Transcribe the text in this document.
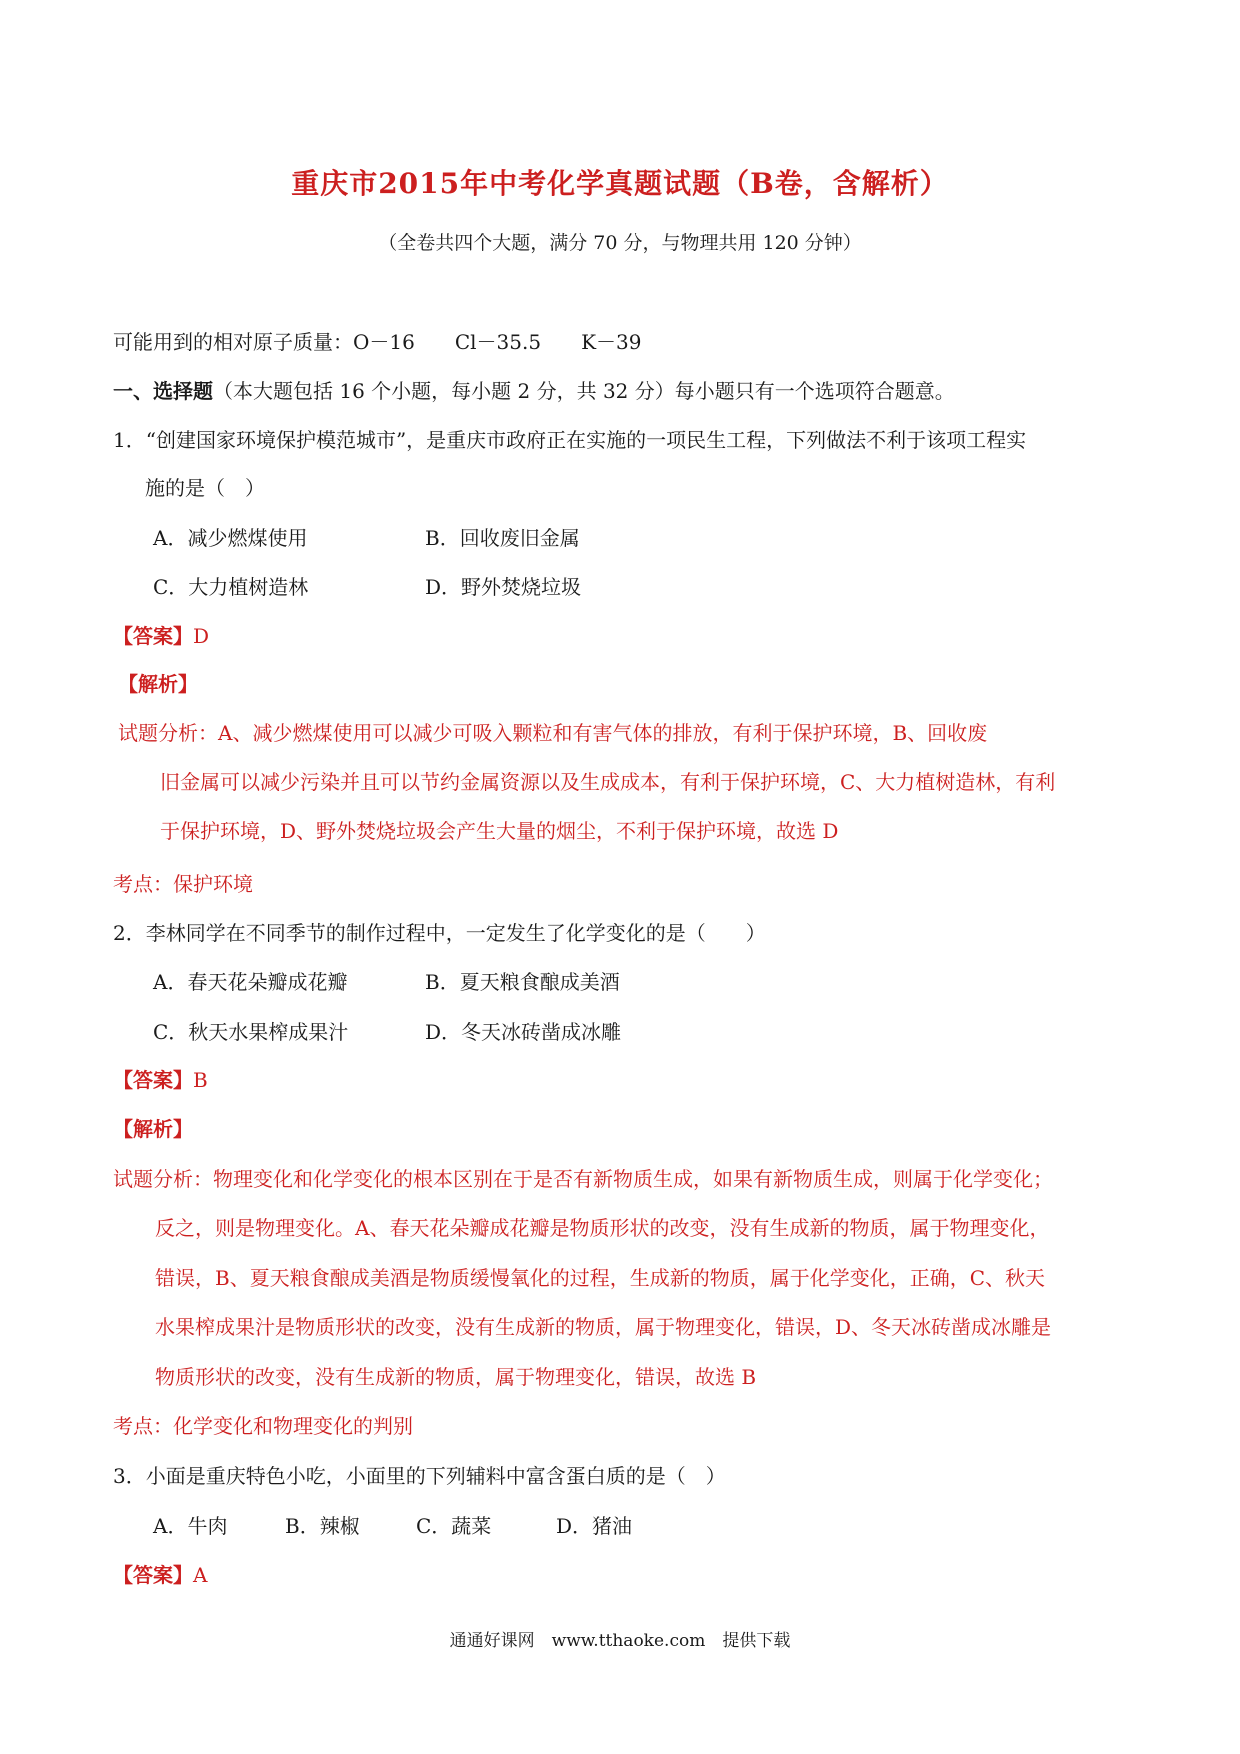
重庆市2015年中考化学真题试题（B卷，含解析）
（全卷共四个大题，满分 70 分，与物理共用 120 分钟）
可能用到的相对原子质量：O－16　　Cl－35.5　　K－39
一、选择题（本大题包括 16 个小题，每小题 2 分，共 32 分）每小题只有一个选项符合题意。
1．“创建国家环境保护模范城市”，是重庆市政府正在实施的一项民生工程，下列做法不利于该项工程实
施的是（　）
A．减少燃煤使用	B．回收废旧金属
C．大力植树造林	D．野外焚烧垃圾
【答案】D
【解析】
试题分析：A、减少燃煤使用可以减少可吸入颗粒和有害气体的排放，有利于保护环境，B、回收废
旧金属可以减少污染并且可以节约金属资源以及生成成本，有利于保护环境，C、大力植树造林，有利
于保护环境，D、野外焚烧垃圾会产生大量的烟尘，不利于保护环境，故选 D
考点：保护环境
2．李林同学在不同季节的制作过程中，一定发生了化学变化的是（　　）
A．春天花朵瓣成花瓣	B．夏天粮食酿成美酒
C．秋天水果榨成果汁	D．冬天冰砖凿成冰雕
【答案】B
【解析】
试题分析：物理变化和化学变化的根本区别在于是否有新物质生成，如果有新物质生成，则属于化学变化；
反之，则是物理变化。A、春天花朵瓣成花瓣是物质形状的改变，没有生成新的物质，属于物理变化，
错误，B、夏天粮食酿成美酒是物质缓慢氧化的过程，生成新的物质，属于化学变化，正确，C、秋天
水果榨成果汁是物质形状的改变，没有生成新的物质，属于物理变化，错误，D、冬天冰砖凿成冰雕是
物质形状的改变，没有生成新的物质，属于物理变化，错误，故选 B
考点：化学变化和物理变化的判别
3．小面是重庆特色小吃，小面里的下列辅料中富含蛋白质的是（　）
A．牛肉	B．辣椒	C．蔬菜	D．猪油
【答案】A
通通好课网　www.tthaoke.com　提供下载
